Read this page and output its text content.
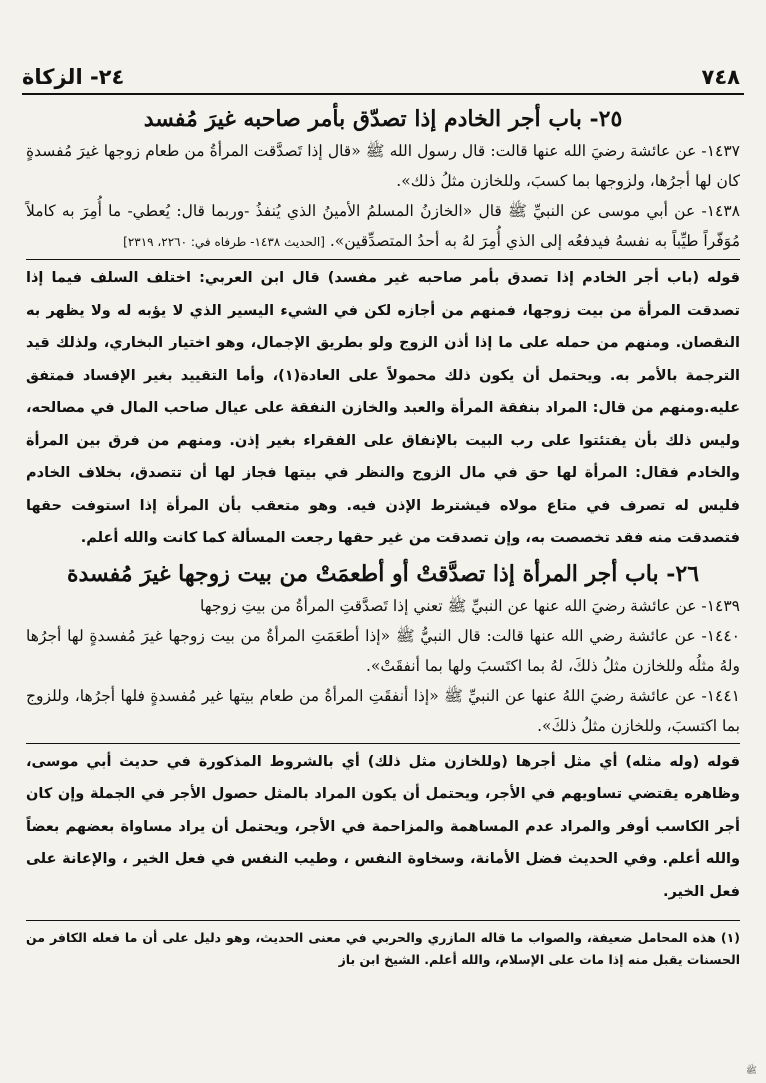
٧٤٨
٢٤- الزكاة
٢٥- باب أجر الخادم إذا تصدّق بأمر صاحبه غيرَ مُفسد

١٤٣٧- عن عائشة رضيَ الله عنها قالت: قال رسول الله ﷺ «قال إذا تَصدَّقت المرأةُ من طعام زوجها غيرَ مُفسدةٍ كان لها أجرُها، ولزوجها بما كسبَ، وللخازن مثلُ ذلك».

١٤٣٨- عن أبي موسى عن النبيِّ ﷺ قال «الخازنُ المسلمُ الأمينُ الذي يُنفذُ -وربما قال: يُعطي- ما أُمِرَ به كاملاً مُوَفّراً طيِّباً به نفسهُ فيدفعُه إلى الذي أُمِرَ لهُ به أحدُ المتصدِّقين». [الحديث ١٤٣٨- طرفاه في: ٢٢٦٠، ٢٣١٩]

قوله (باب أجر الخادم إذا تصدق بأمر صاحبه غير مفسد) قال ابن العربي: اختلف السلف فيما إذا تصدقت المرأة من بيت زوجها، فمنهم من أجازه لكن في الشيء اليسير الذي لا يؤبه له ولا يظهر به النقصان. ومنهم من حمله على ما إذا أذن الزوج ولو بطريق الإجمال، وهو اختيار البخاري، ولذلك قيد الترجمة بالأمر به. ويحتمل أن يكون ذلك محمولاً على العادة(١)، وأما التقييد بغير الإفساد فمتفق عليه.ومنهم من قال: المراد بنفقة المرأة والعبد والخازن النفقة على عيال صاحب المال في مصالحه، وليس ذلك بأن يفتئتوا على رب البيت بالإنفاق على الفقراء بغير إذن. ومنهم من فرق بين المرأة والخادم فقال: المرأة لها حق في مال الزوج والنظر في بيتها فجاز لها أن تتصدق، بخلاف الخادم فليس له تصرف في متاع مولاه فيشترط الإذن فيه. وهو متعقب بأن المرأة إذا استوفت حقها فتصدقت منه فقد تخصصت به، وإن تصدقت من غير حقها رجعت المسألة كما كانت والله أعلم.

٢٦- باب أجر المرأة إذا تصدَّقتْ أو أطعمَتْ من بيت زوجها غيرَ مُفسدة

١٤٣٩- عن عائشة رضيَ الله عنها عن النبيِّ ﷺ تعني إذا تَصدَّقتِ المرأةُ من بيتِ زوجها

١٤٤٠- عن عائشة رضي الله عنها قالت: قال النبيُّ ﷺ «إذا أطعَمَتِ المرأةُ من بيت زوجها غيرَ مُفسدةٍ لها أجرُها ولهُ مثلُه وللخازن مثلُ ذلكَ، لهُ بما اكتَسبَ ولها بما أنفقَتْ».

١٤٤١- عن عائشة رضيَ اللهُ عنها عن النبيِّ ﷺ «إذا أنفقَتِ المرأةُ من طعام بيتها غير مُفسدةٍ فلها أجرُها، وللزوج بما اكتسبَ، وللخازن مثلُ ذلكَ».

قوله (وله مثله) أي مثل أجرها (وللخازن مثل ذلك) أي بالشروط المذكورة في حديث أبي موسى، وظاهره يقتضي تساويهم في الأجر، ويحتمل أن يكون المراد بالمثل حصول الأجر في الجملة وإن كان أجر الكاسب أوفر والمراد عدم المساهمة والمزاحمة في الأجر، ويحتمل أن يراد مساواة بعضهم بعضاً والله أعلم. وفي الحديث فضل الأمانة، وسخاوة النفس ، وطيب النفس في فعل الخير ، والإعانة على فعل الخير.

(١) هذه المحامل ضعيفة، والصواب ما قاله المازري والحربي في معنى الحديث، وهو دليل على أن ما فعله الكافر من الحسنات يقبل منه إذا مات على الإسلام، والله أعلم. الشيخ ابن باز

ﷺ
